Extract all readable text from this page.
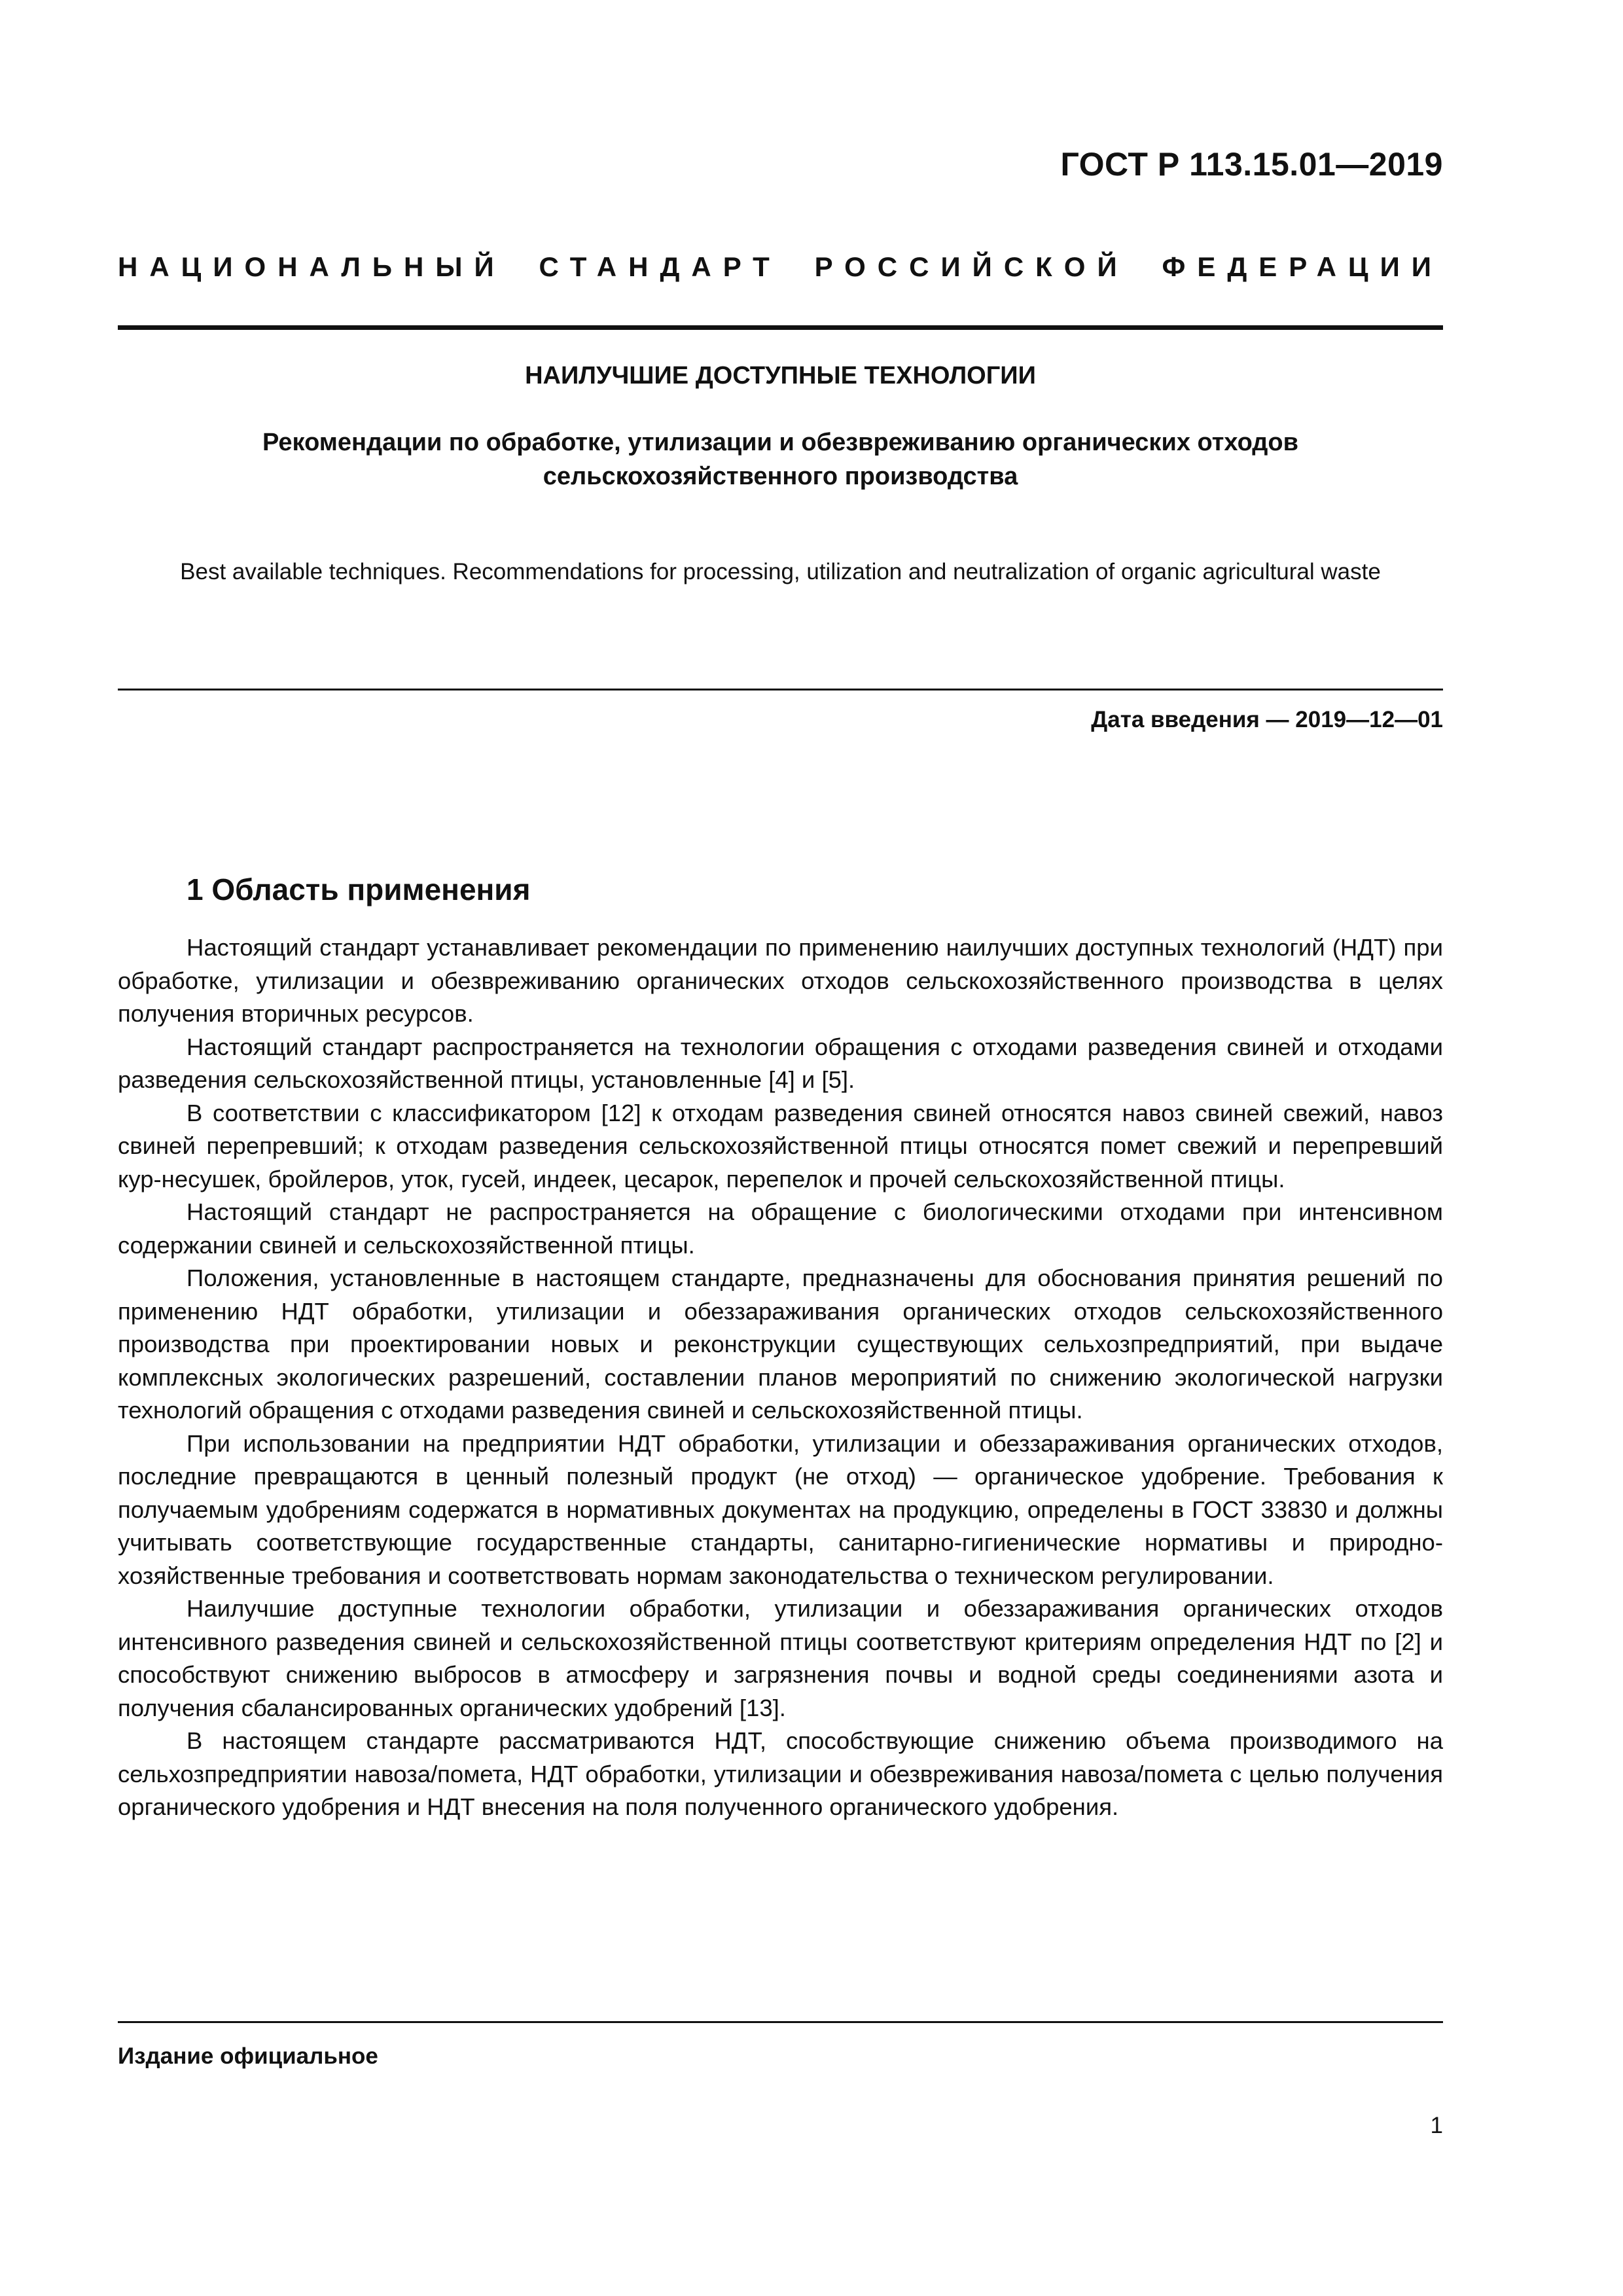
ГОСТ Р 113.15.01—2019
НАЦИОНАЛЬНЫЙ СТАНДАРТ РОССИЙСКОЙ ФЕДЕРАЦИИ
НАИЛУЧШИЕ ДОСТУПНЫЕ ТЕХНОЛОГИИ
Рекомендации по обработке, утилизации и обезвреживанию органических отходов
сельскохозяйственного производства
Best available techniques. Recommendations for processing, utilization and neutralization of organic agricultural waste
Дата введения — 2019—12—01
1 Область применения

Настоящий стандарт устанавливает рекомендации по применению наилучших доступных технологий (НДТ) при обработке, утилизации и обезвреживанию органических отходов сельскохозяйственного производства в целях получения вторичных ресурсов.

Настоящий стандарт распространяется на технологии обращения с отходами разведения свиней и отходами разведения сельскохозяйственной птицы, установленные [4] и [5].

В соответствии с классификатором [12] к отходам разведения свиней относятся навоз свиней свежий, навоз свиней перепревший; к отходам разведения сельскохозяйственной птицы относятся помет свежий и перепревший кур-несушек, бройлеров, уток, гусей, индеек, цесарок, перепелок и прочей сельскохозяйственной птицы.

Настоящий стандарт не распространяется на обращение с биологическими отходами при интенсивном содержании свиней и сельскохозяйственной птицы.

Положения, установленные в настоящем стандарте, предназначены для обоснования принятия решений по применению НДТ обработки, утилизации и обеззараживания органических отходов сельскохозяйственного производства при проектировании новых и реконструкции существующих сельхозпредприятий, при выдаче комплексных экологических разрешений, составлении планов мероприятий по снижению экологической нагрузки технологий обращения с отходами разведения свиней и сельскохозяйственной птицы.

При использовании на предприятии НДТ обработки, утилизации и обеззараживания органических отходов, последние превращаются в ценный полезный продукт (не отход) — органическое удобрение. Требования к получаемым удобрениям содержатся в нормативных документах на продукцию, определены в ГОСТ 33830 и должны учитывать соответствующие государственные стандарты, санитарно-гигиенические нормативы и природно-хозяйственные требования и соответствовать нормам законодательства о техническом регулировании.

Наилучшие доступные технологии обработки, утилизации и обеззараживания органических отходов интенсивного разведения свиней и сельскохозяйственной птицы соответствуют критериям определения НДТ по [2] и способствуют снижению выбросов в атмосферу и загрязнения почвы и водной среды соединениями азота и получения сбалансированных органических удобрений [13].

В настоящем стандарте рассматриваются НДТ, способствующие снижению объема производимого на сельхозпредприятии навоза/помета, НДТ обработки, утилизации и обезвреживания навоза/помета с целью получения органического удобрения и НДТ внесения на поля полученного органического удобрения.

Издание официальное
1
